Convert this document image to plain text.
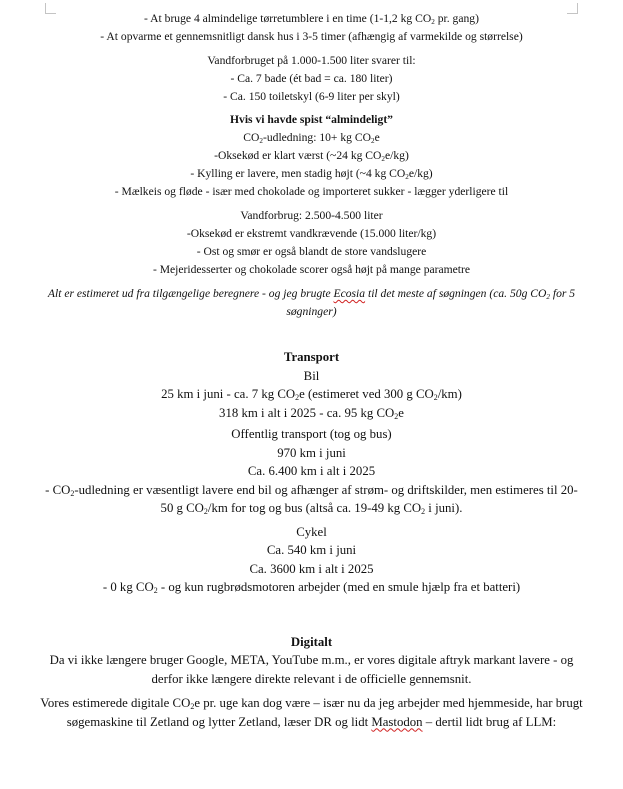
- At bruge 4 almindelige tørretumblere i en time (1-1,2 kg $CO_2$ pr. gang)
- At opvarme et gennemsnitligt dansk hus i 3-5 timer (afhængig af varmekilde og størrelse)
Vandforbruget på 1.000-1.500 liter svarer til:
- Ca. 7 bade (ét bad = ca. 180 liter)
- Ca. 150 toiletskyl (6-9 liter per skyl)
Hvis vi havde spist “almindeligt”
$CO_2$-udledning: 10+ kg $CO_2e$
-Oksekød er klart værst (~24 kg $CO_2e/kg$)
- Kylling er lavere, men stadig højt (~4 kg $CO_2e/kg$)
- Mælkeis og fløde - især med chokolade og importeret sukker - lægger yderligere til
Vandforbrug: 2.500-4.500 liter
-Oksekød er ekstremt vandkrævende (15.000 liter/kg)
- Ost og smør er også blandt de store vandslugere
- Mejeridesserter og chokolade scorer også højt på mange parametre
Alt er estimeret ud fra tilgængelige beregnere - og jeg brugte Ecosia til det meste af søgningen (ca. 50g $CO_2$ for 5 søgninger)
Transport
Bil
25 km i juni - ca. 7 kg $CO_2e$ (estimeret ved 300 g $CO_2/km$)
318 km i alt i 2025 - ca. 95 kg $CO_2e$
Offentlig transport (tog og bus)
970 km i juni
Ca. 6.400 km i alt i 2025
- $CO_2$-udledning er væsentligt lavere end bil og afhænger af strøm- og driftskilder, men estimeres til 20-50 g $CO_2/km$ for tog og bus (altså ca. 19-49 kg $CO_2$ i juni).
Cykel
Ca. 540 km i juni
Ca. 3600 km i alt i 2025
- 0 kg $CO_2$ - og kun rugbrødsmotoren arbejder (med en smule hjælp fra et batteri)
Digitalt
Da vi ikke længere bruger Google, META, YouTube m.m., er vores digitale aftryk markant lavere - og derfor ikke længere direkte relevant i de officielle gennemsnit.
Vores estimerede digitale $CO_2e$ pr. uge kan dog være – især nu da jeg arbejder med hjemmeside, har brugt søgemaskine til Zetland og lytter Zetland, læser DR og lidt Mastodon – dertil lidt brug af LLM:
